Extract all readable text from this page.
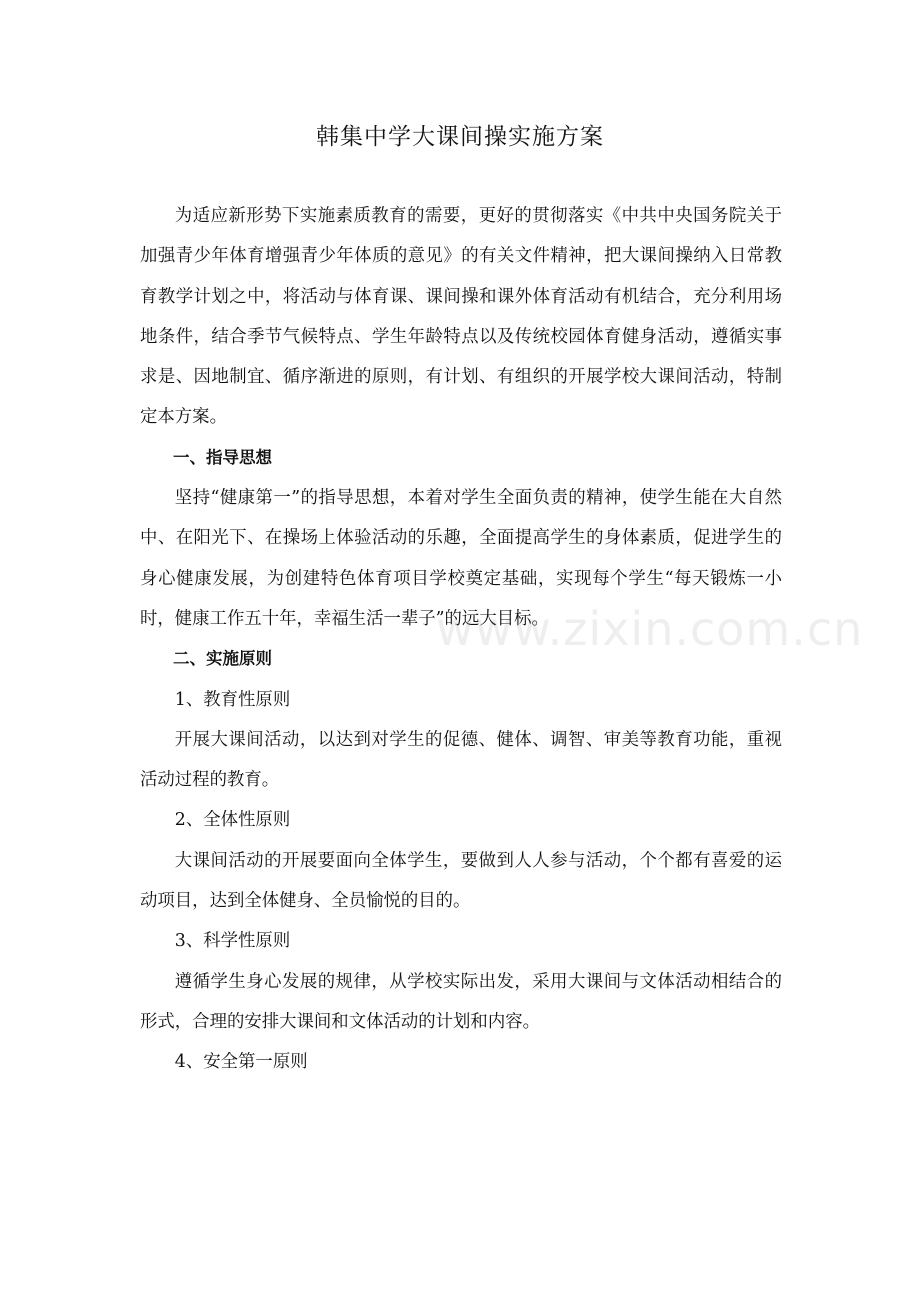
韩集中学大课间操实施方案

为适应新形势下实施素质教育的需要，更好的贯彻落实《中共中央国务院关于加强青少年体育增强青少年体质的意见》的有关文件精神，把大课间操纳入日常教育教学计划之中，将活动与体育课、课间操和课外体育活动有机结合，充分利用场地条件，结合季节气候特点、学生年龄特点以及传统校园体育健身活动，遵循实事求是、因地制宜、循序渐进的原则，有计划、有组织的开展学校大课间活动，特制定本方案。

一、指导思想

坚持“健康第一”的指导思想，本着对学生全面负责的精神，使学生能在大自然中、在阳光下、在操场上体验活动的乐趣，全面提高学生的身体素质，促进学生的身心健康发展，为创建特色体育项目学校奠定基础，实现每个学生“每天锻炼一小时，健康工作五十年，幸福生活一辈子”的远大目标。

二、实施原则

1、教育性原则

开展大课间活动，以达到对学生的促德、健体、调智、审美等教育功能，重视活动过程的教育。

2、全体性原则

大课间活动的开展要面向全体学生，要做到人人参与活动，个个都有喜爱的运动项目，达到全体健身、全员愉悦的目的。

3、科学性原则

遵循学生身心发展的规律，从学校实际出发，采用大课间与文体活动相结合的形式，合理的安排大课间和文体活动的计划和内容。

4、安全第一原则

www.zixin.com.cn
